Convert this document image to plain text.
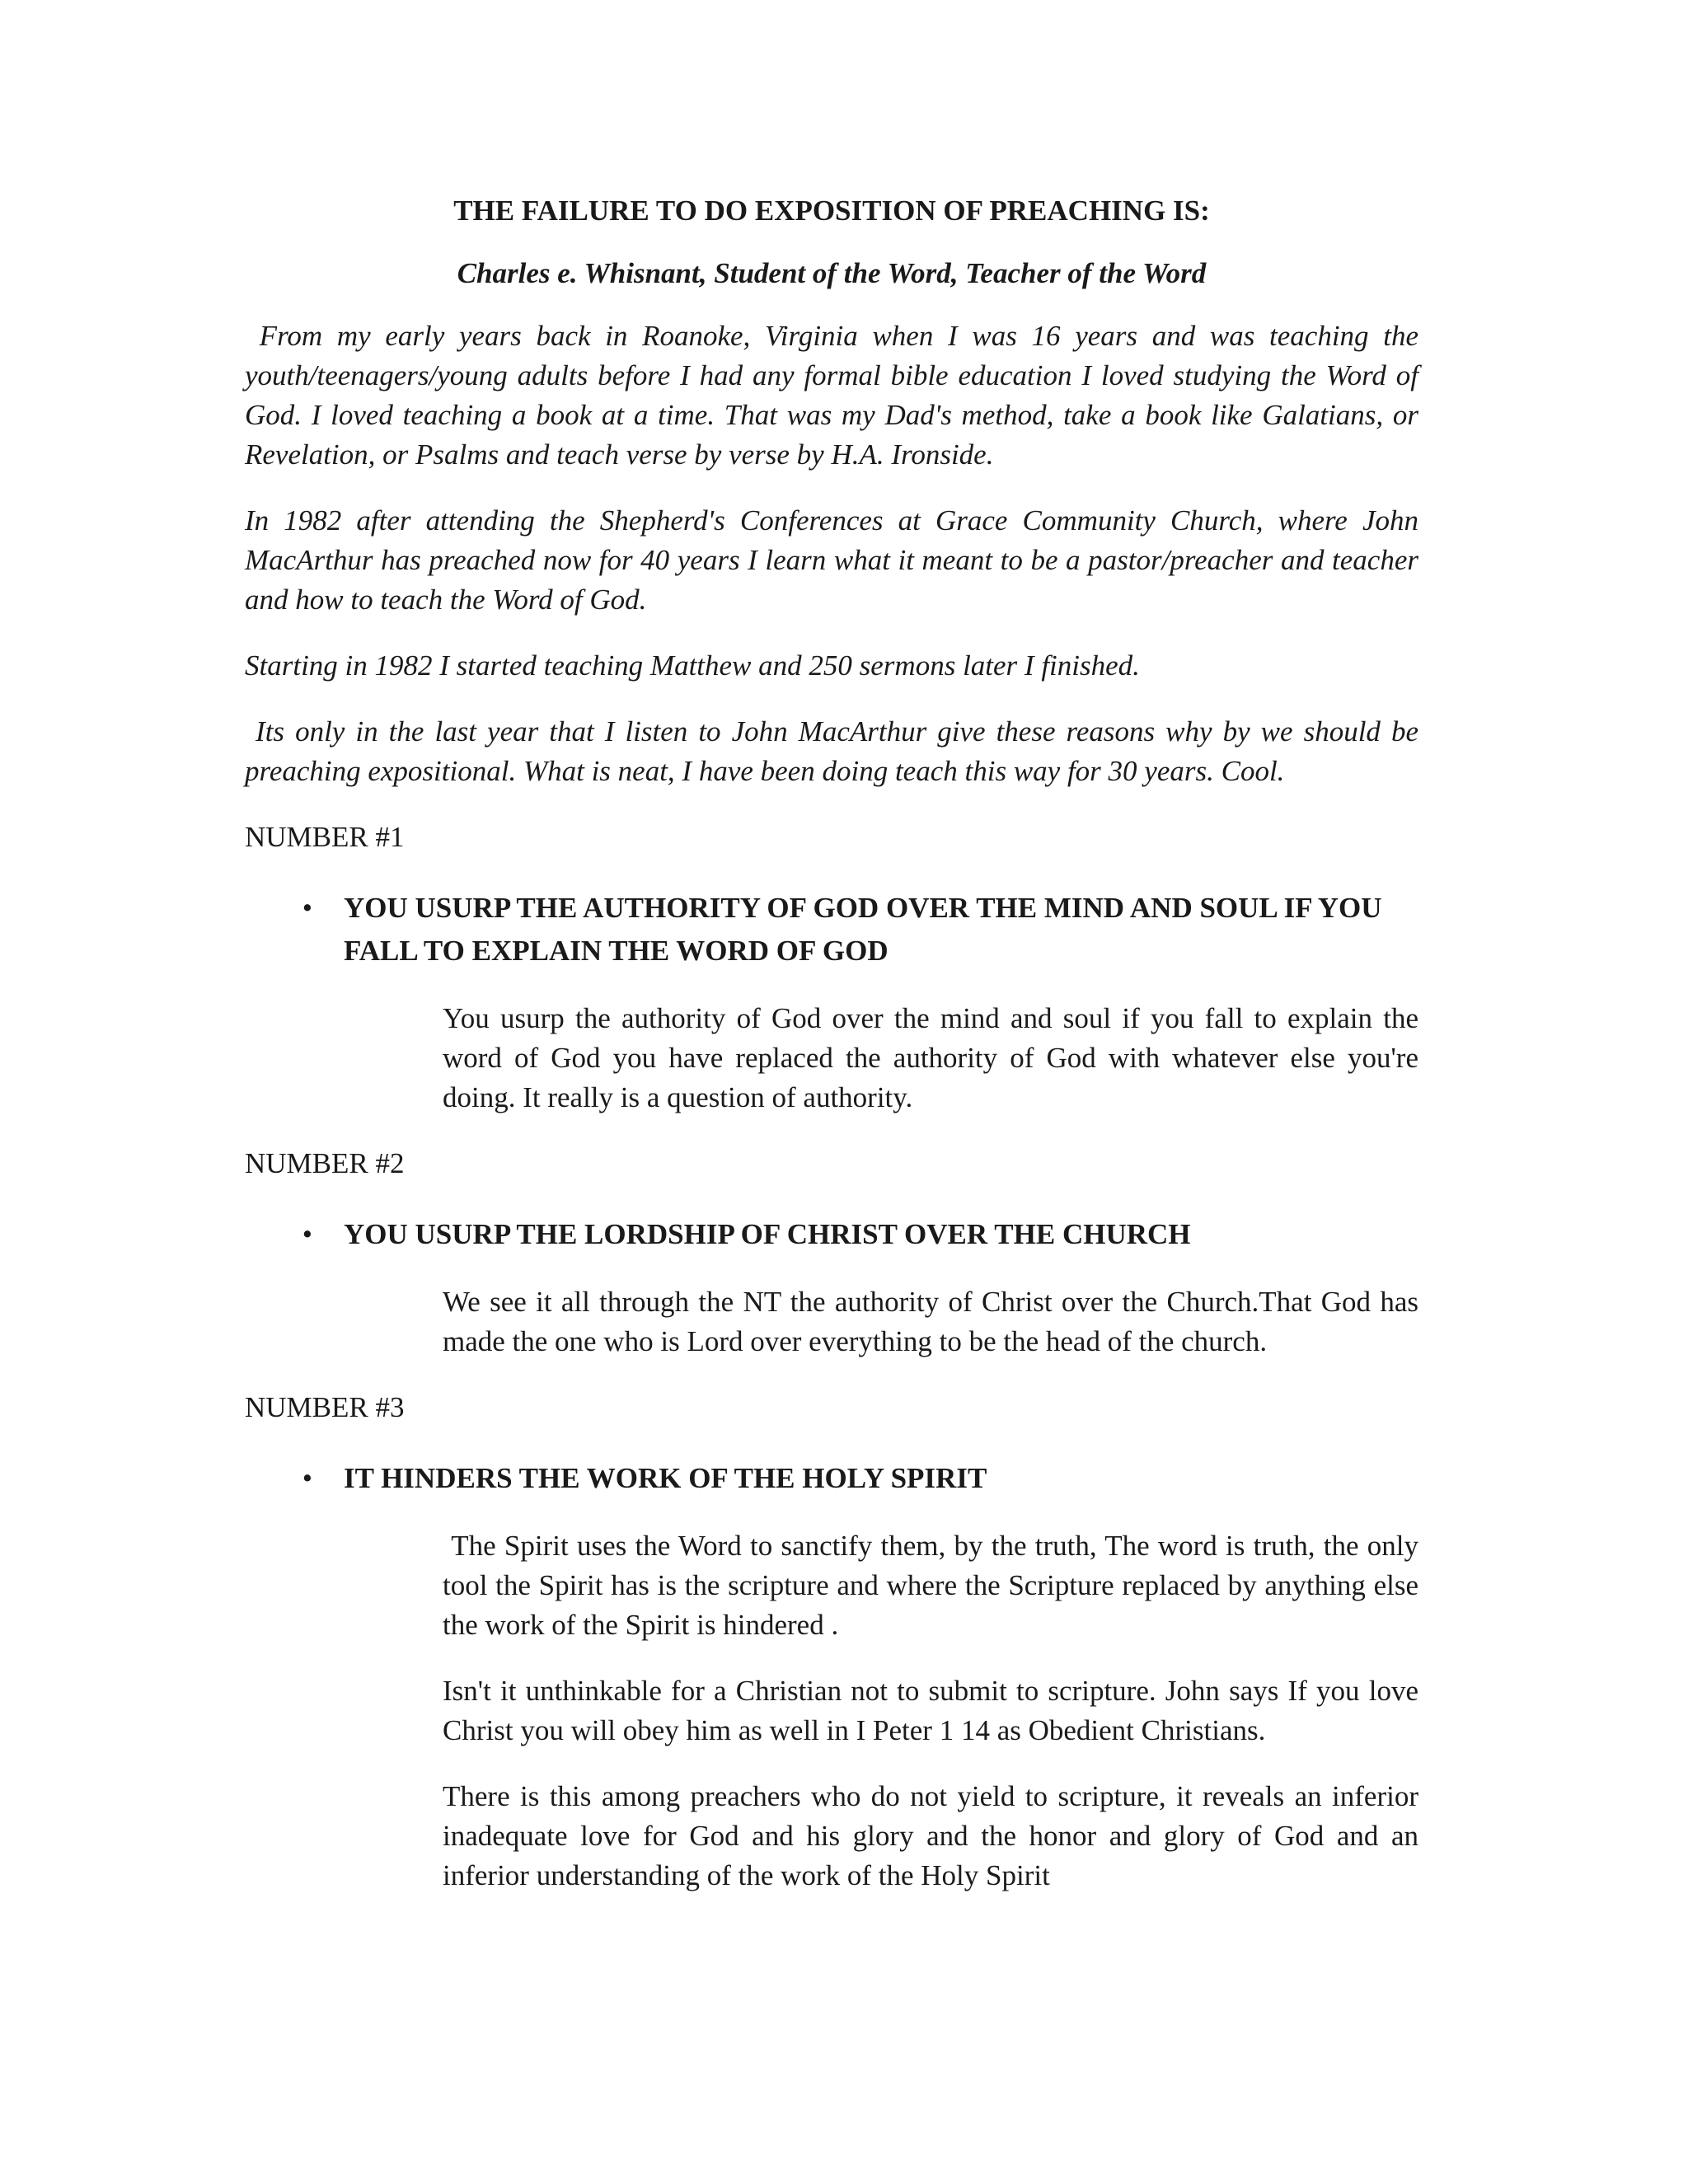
THE FAILURE TO DO EXPOSITION OF PREACHING IS:

Charles e. Whisnant, Student of the Word, Teacher of the Word

From my early years back in Roanoke, Virginia when I was 16 years and was teaching the youth/teenagers/young adults before I had any formal bible education I loved studying the Word of God. I loved teaching a book at a time. That was my Dad's method, take a book like Galatians, or Revelation, or Psalms and teach verse by verse by H.A. Ironside.

In 1982 after attending the Shepherd's Conferences at Grace Community Church, where John MacArthur has preached now for 40 years I learn what it meant to be a pastor/preacher and teacher and how to teach the Word of God.

Starting in 1982 I started teaching Matthew and 250 sermons later I finished.

Its only in the last year that I listen to John MacArthur give these reasons why by we should be preaching expositional. What is neat, I have been doing teach this way for 30 years. Cool.

NUMBER #1

•	YOU USURP THE AUTHORITY OF GOD OVER THE MIND AND SOUL IF YOU FALL TO EXPLAIN THE WORD OF GOD

You usurp the authority of God over the mind and soul if you fall to explain the word of God you have replaced the authority of God with whatever else you're doing. It really is a question of authority.

NUMBER #2

•	YOU USURP THE LORDSHIP OF CHRIST OVER THE CHURCH

We see it all through the NT the authority of Christ over the Church.That God has made the one who is Lord over everything to be the head of the church.

NUMBER #3

•	IT HINDERS THE WORK OF THE HOLY SPIRIT

The Spirit uses the Word to sanctify them, by the truth, The word is truth, the only tool the Spirit has is the scripture and where the Scripture replaced by anything else the work of the Spirit is hindered .

Isn't it unthinkable for a Christian not to submit to scripture. John says If you love Christ you will obey him as well in I Peter 1 14 as Obedient Christians.

There is this among preachers who do not yield to scripture, it reveals an inferior inadequate love for God and his glory and the honor and glory of God and an inferior understanding of the work of the Holy Spirit
